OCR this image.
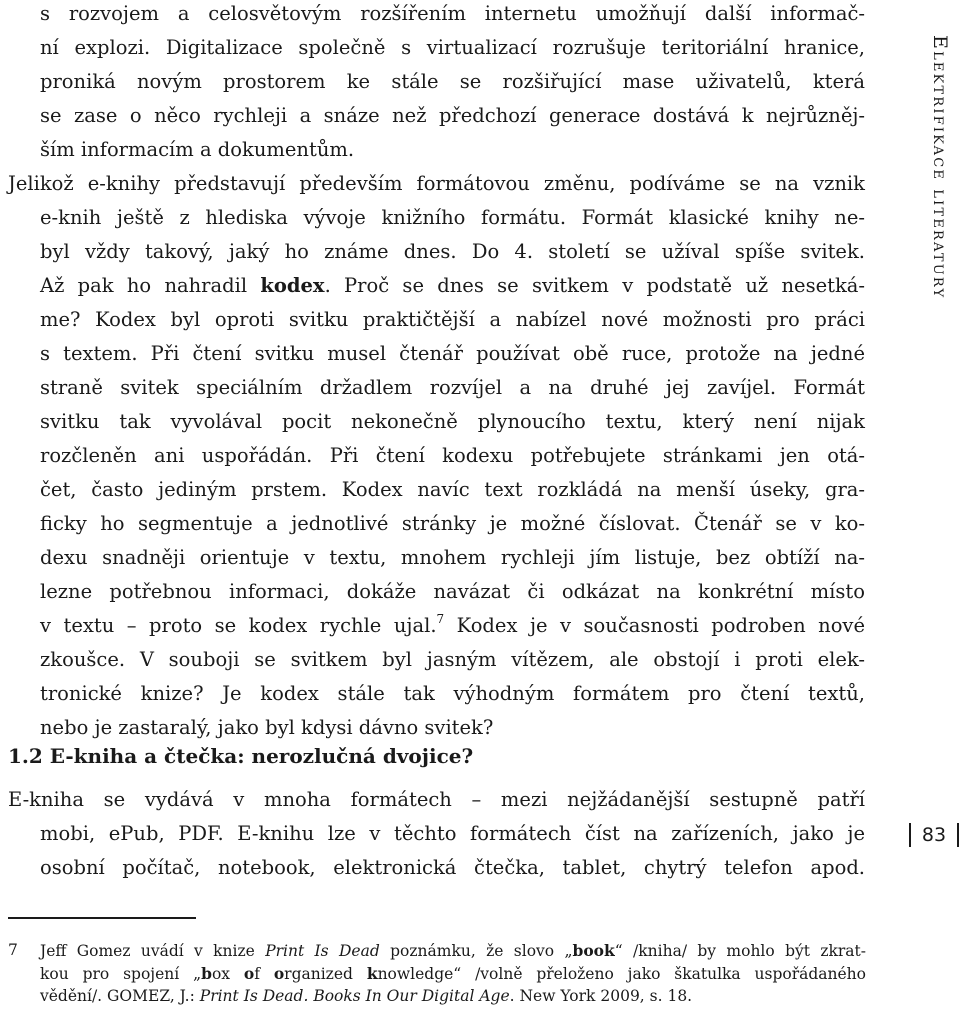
Elektrifikace literatury
s rozvojem a celosvětovým rozšířením internetu umožňují další informač-
ní explozi. Digitalizace společně s virtualizací rozrušuje teritoriální hranice,
proniká novým prostorem ke stále se rozšiřující mase uživatelů, která
se zase o něco rychleji a snáze než předchozí generace dostává k nejrůzněj-
ším informacím a dokumentům.
Jelikož e-knihy představují především formátovou změnu, podíváme se na vznik
e-knih ještě z hlediska vývoje knižního formátu. Formát klasické knihy ne-
byl vždy takový, jaký ho známe dnes. Do 4. století se užíval spíše svitek.
Až pak ho nahradil kodex. Proč se dnes se svitkem v podstatě už nesetká-
me? Kodex byl oproti svitku praktičtější a nabízel nové možnosti pro práci
s textem. Při čtení svitku musel čtenář používat obě ruce, protože na jedné
straně svitek speciálním držadlem rozvíjel a na druhé jej zavíjel. Formát
svitku tak vyvolával pocit nekonečně plynoucího textu, který není nijak
rozčleněn ani uspořádán. Při čtení kodexu potřebujete stránkami jen otá-
čet, často jediným prstem. Kodex navíc text rozkládá na menší úseky, gra-
ficky ho segmentuje a jednotlivé stránky je možné číslovat. Čtenář se v ko-
dexu snadněji orientuje v textu, mnohem rychleji jím listuje, bez obtíží na-
lezne potřebnou informaci, dokáže navázat či odkázat na konkrétní místo
v textu – proto se kodex rychle ujal.$^7$ Kodex je v současnosti podroben nové
zkoušce. V souboji se svitkem byl jasným vítězem, ale obstojí i proti elek-
tronické knize? Je kodex stále tak výhodným formátem pro čtení textů,
nebo je zastaralý, jako byl kdysi dávno svitek?
1.2 E-kniha a čtečka: nerozlučná dvojice?
E-kniha se vydává v mnoha formátech – mezi nejžádanější sestupně patří
mobi, ePub, PDF. E-knihu lze v těchto formátech číst na zařízeních, jako je
osobní počítač, notebook, elektronická čtečka, tablet, chytrý telefon apod.
83
7 Jeff Gomez uvádí v knize Print Is Dead poznámku, že slovo „book“ /kniha/ by mohlo být zkrat-
kou pro spojení „box of organized knowledge“ /volně přeloženo jako škatulka uspořádaného
vědění/. GOMEZ, J.: Print Is Dead. Books In Our Digital Age. New York 2009, s. 18.
